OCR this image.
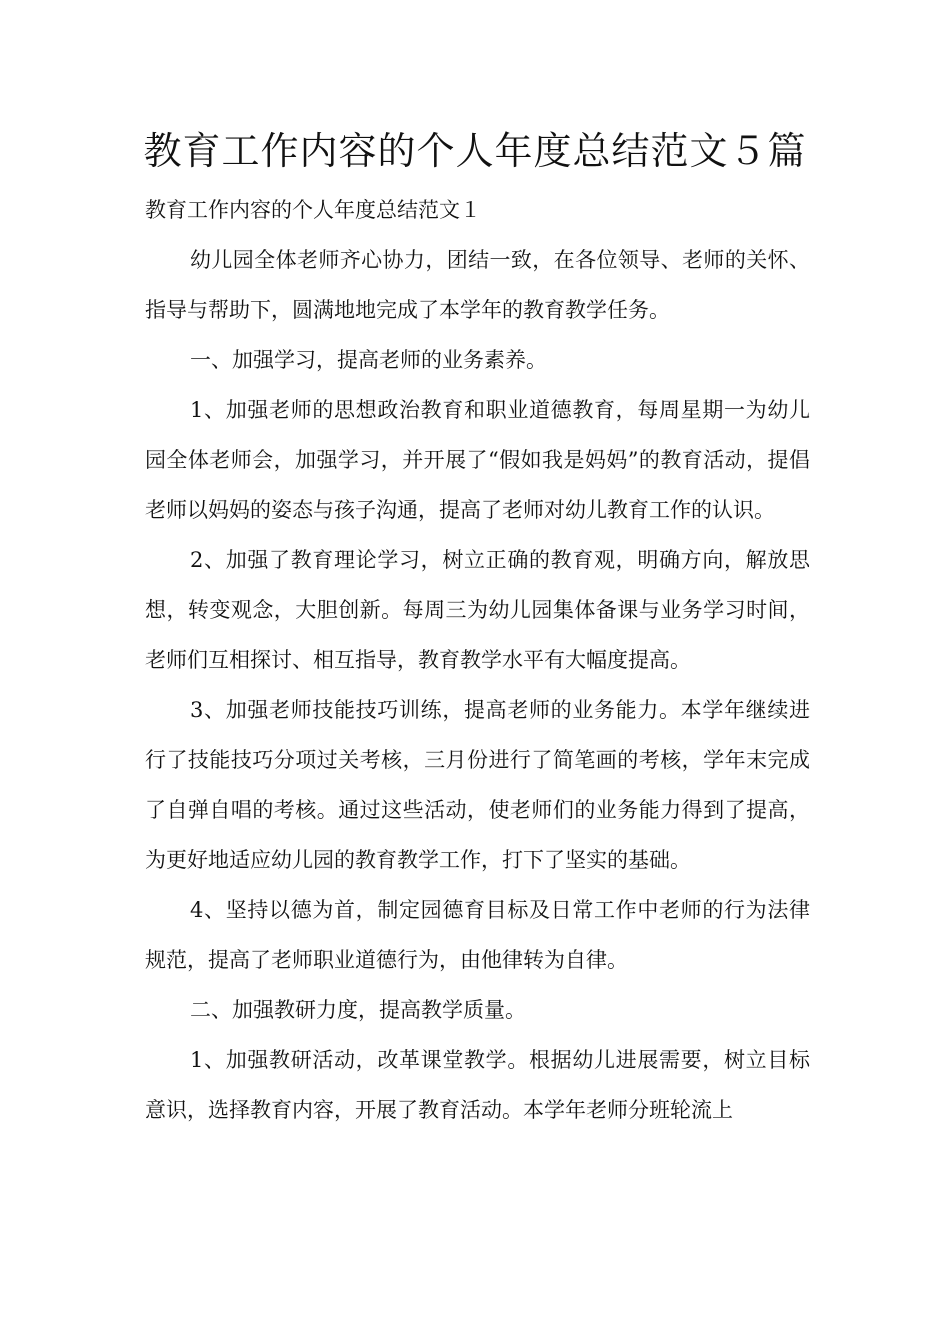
教育工作内容的个人年度总结范文５篇

教育工作内容的个人年度总结范文１

幼儿园全体老师齐心协力，团结一致，在各位领导、老师的关怀、指导与帮助下，圆满地地完成了本学年的教育教学任务。

一、加强学习，提高老师的业务素养。

1、加强老师的思想政治教育和职业道德教育，每周星期一为幼儿园全体老师会，加强学习，并开展了“假如我是妈妈”的教育活动，提倡老师以妈妈的姿态与孩子沟通，提高了老师对幼儿教育工作的认识。

2、加强了教育理论学习，树立正确的教育观，明确方向，解放思想，转变观念，大胆创新。每周三为幼儿园集体备课与业务学习时间，老师们互相探讨、相互指导，教育教学水平有大幅度提高。

3、加强老师技能技巧训练，提高老师的业务能力。本学年继续进行了技能技巧分项过关考核，三月份进行了简笔画的考核，学年末完成了自弹自唱的考核。通过这些活动，使老师们的业务能力得到了提高，为更好地适应幼儿园的教育教学工作，打下了坚实的基础。

4、坚持以德为首，制定园德育目标及日常工作中老师的行为法律规范，提高了老师职业道德行为，由他律转为自律。

二、加强教研力度，提高教学质量。

1、加强教研活动，改革课堂教学。根据幼儿进展需要，树立目标意识，选择教育内容，开展了教育活动。本学年老师分班轮流上
